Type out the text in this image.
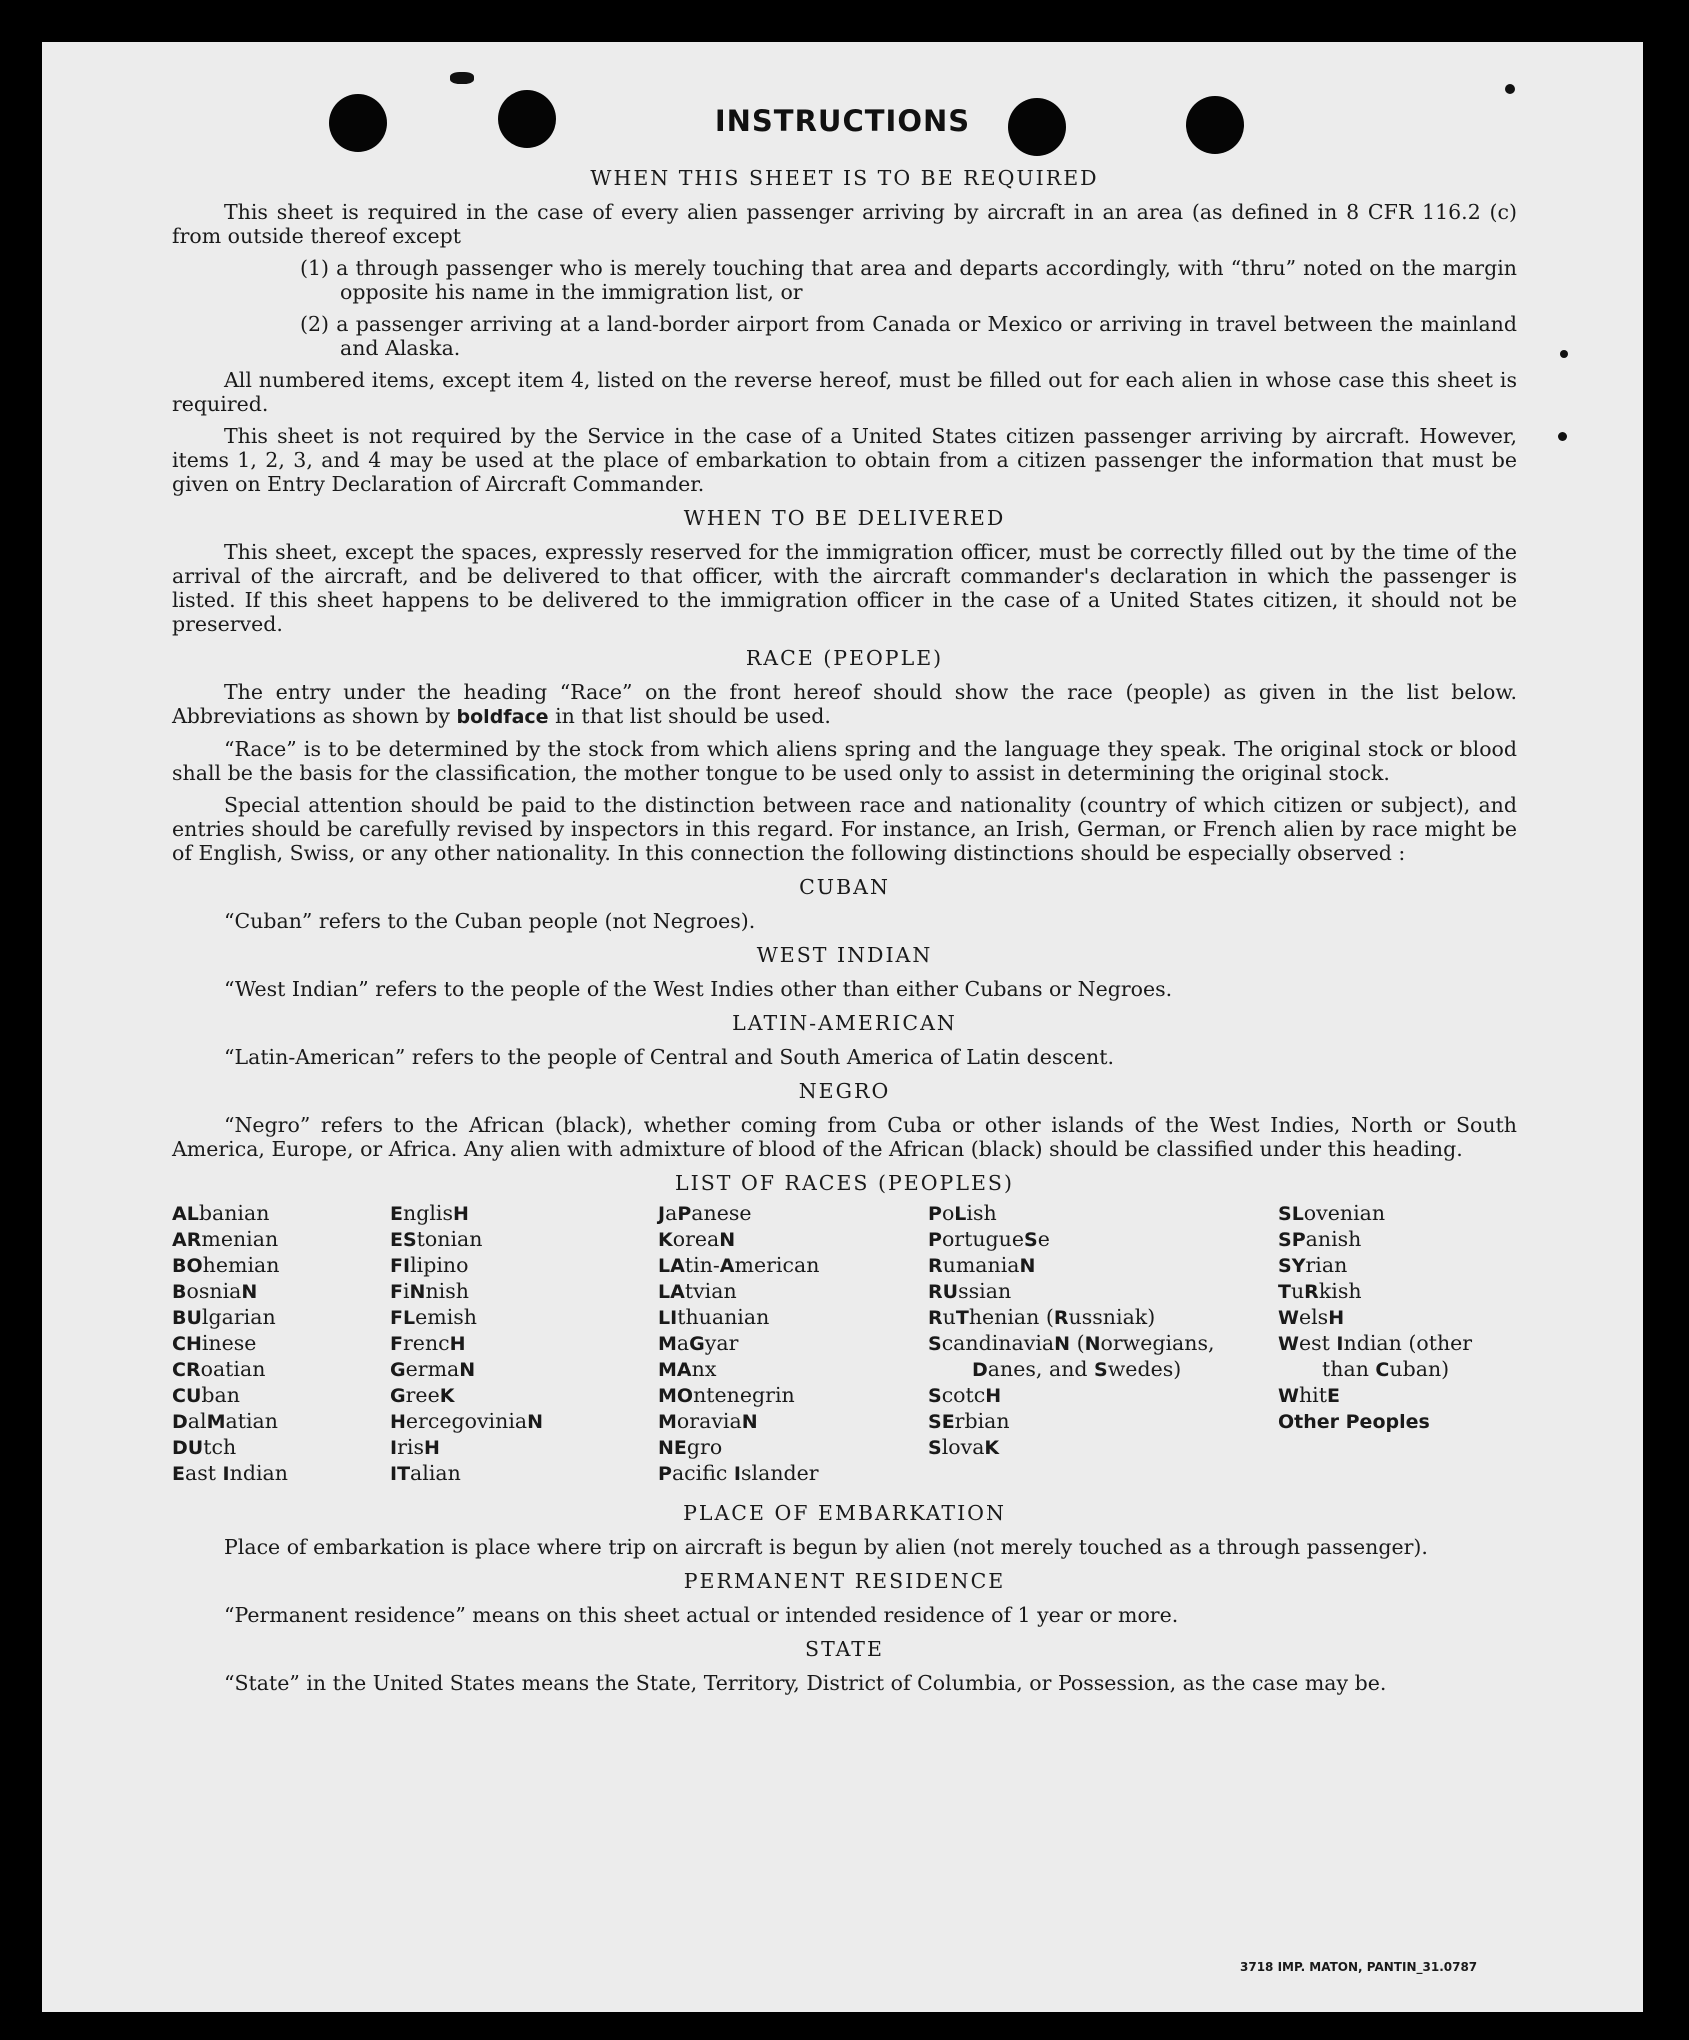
INSTRUCTIONS
WHEN THIS SHEET IS TO BE REQUIRED

This sheet is required in the case of every alien passenger arriving by aircraft in an area (as defined in 8 CFR 116.2 (c) from outside thereof except

(1) a through passenger who is merely touching that area and departs accordingly, with “thru” noted on the margin opposite his name in the immigration list, or
(2) a passenger arriving at a land-border airport from Canada or Mexico or arriving in travel between the mainland and Alaska.

All numbered items, except item 4, listed on the reverse hereof, must be filled out for each alien in whose case this sheet is required.

This sheet is not required by the Service in the case of a United States citizen passenger arriving by aircraft. However, items 1, 2, 3, and 4 may be used at the place of embarkation to obtain from a citizen passenger the information that must be given on Entry Declaration of Aircraft Commander.

WHEN TO BE DELIVERED

This sheet, except the spaces, expressly reserved for the immigration officer, must be correctly filled out by the time of the arrival of the aircraft, and be delivered to that officer, with the aircraft commander's declaration in which the passenger is listed. If this sheet happens to be delivered to the immigration officer in the case of a United States citizen, it should not be preserved.

RACE (PEOPLE)

The entry under the heading “Race” on the front hereof should show the race (people) as given in the list below. Abbreviations as shown by boldface in that list should be used.

“Race” is to be determined by the stock from which aliens spring and the language they speak. The original stock or blood shall be the basis for the classification, the mother tongue to be used only to assist in determining the original stock.

Special attention should be paid to the distinction between race and nationality (country of which citizen or subject), and entries should be carefully revised by inspectors in this regard. For instance, an Irish, German, or French alien by race might be of English, Swiss, or any other nationality. In this connection the following distinctions should be especially observed :

CUBAN

“Cuban” refers to the Cuban people (not Negroes).

WEST INDIAN

“West Indian” refers to the people of the West Indies other than either Cubans or Negroes.

LATIN-AMERICAN

“Latin-American” refers to the people of Central and South America of Latin descent.

NEGRO

“Negro” refers to the African (black), whether coming from Cuba or other islands of the West Indies, North or South America, Europe, or Africa. Any alien with admixture of blood of the African (black) should be classified under this heading.

LIST OF RACES (PEOPLES)
ALbanian
ARmenian
BOhemian
BosniaN
BUlgarian
CHinese
CRoatian
CUban
DalMatian
DUtch
East Indian
EnglisH
EStonian
FIlipino
FiNnish
FLemish
FrencH
GermaN
GreeK
HercegoviniaN
IrisH
ITalian
JaPanese
KoreaN
LAtin-American
LAtvian
LIthuanian
MaGyar
MAnx
MOntenegrin
MoraviaN
NEgro
Pacifc Islander
PoLish
PortugueSe
RumaniaN
RUssian
RuThenian (Russniak)
ScandinaviaN (Norwegians, Danes, and Swedes)
ScotcH
SErbian
SlovaK
SLovenian
SPanish
SYrian
TuRkish
WelsH
West Indian (other than Cuban)
WhitE
Other Peoples
PLACE OF EMBARKATION

Place of embarkation is place where trip on aircraft is begun by alien (not merely touched as a through passenger).

PERMANENT RESIDENCE

“Permanent residence” means on this sheet actual or intended residence of 1 year or more.

STATE

“State” in the United States means the State, Territory, District of Columbia, or Possession, as the case may be.

3718 IMP. MATON, PANTIN_31.0787
